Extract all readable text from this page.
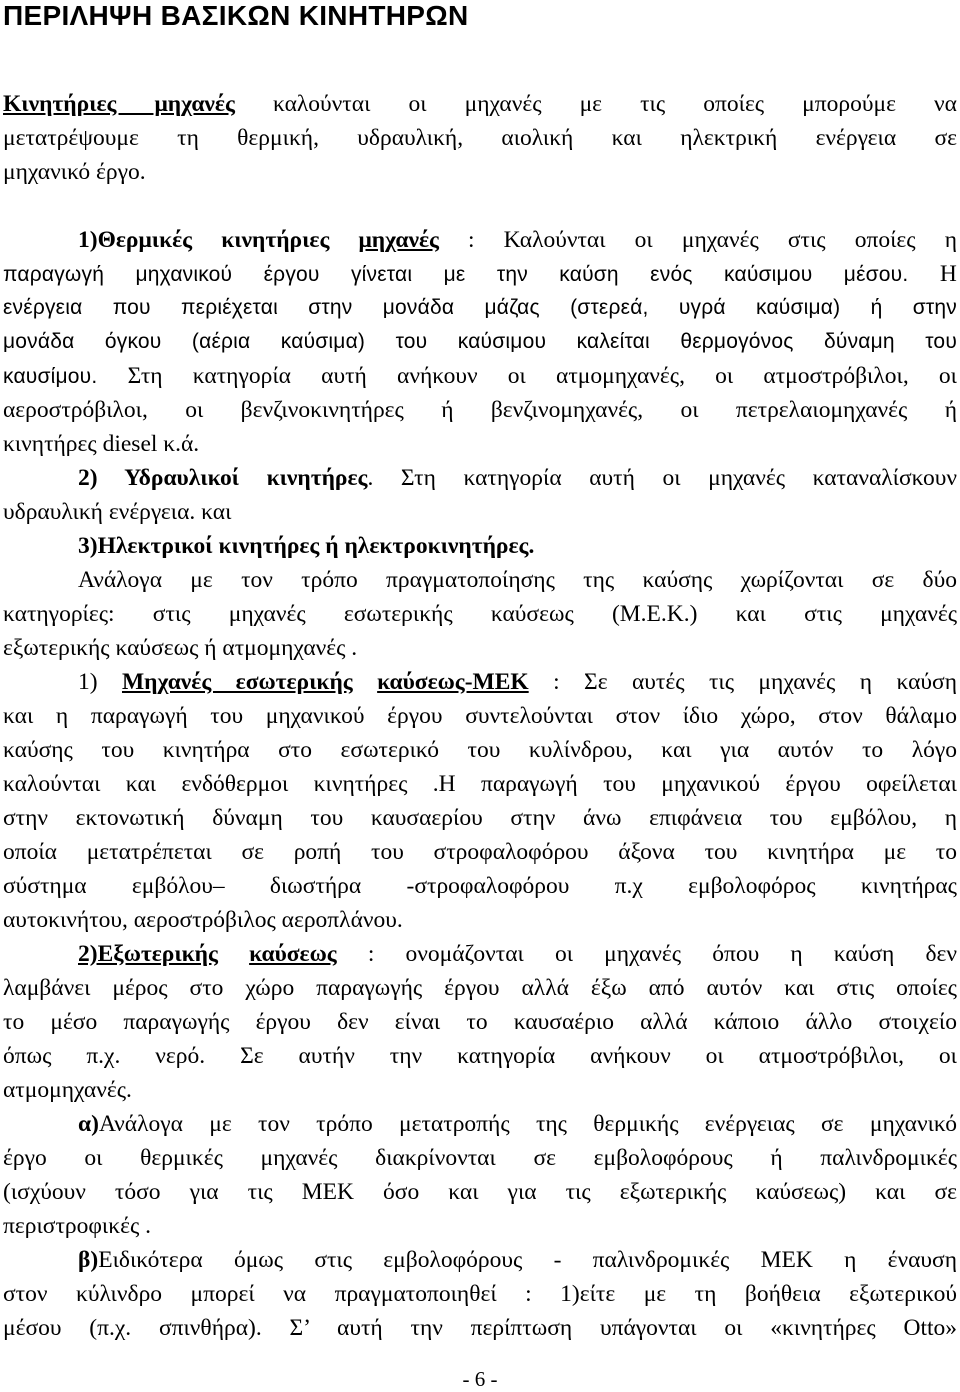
ΠΕΡΙΛΗΨΗ ΒΑΣΙΚΩΝ ΚΙΝΗΤΗΡΩΝ
Κινητήριες μηχανές καλούνται οι μηχανές με τις οποίες μπορούμε να
μετατρέψουμε τη θερμική, υδραυλική, αιολική και ηλεκτρική ενέργεια σε
μηχανικό έργο.
1)Θερμικές κινητήριες μηχανές : Καλούνται οι μηχανές στις οποίες η
παραγωγή μηχανικού έργου γίνεται με την καύση ενός καύσιμου μέσου. Η
ενέργεια που περιέχεται στην μονάδα μάζας (στερεά, υγρά καύσιμα) ή στην
μονάδα όγκου (αέρια καύσιμα) του καύσιμου καλείται θερμογόνος δύναμη του
καυσίμου. Στη κατηγορία αυτή ανήκουν οι ατμομηχανές, οι ατμοστρόβιλοι, οι
αεροστρόβιλοι, οι βενζινοκινητήρες ή βενζινομηχανές, οι πετρελαιομηχανές ή
κινητήρες diesel κ.ά.
2) Υδραυλικοί κινητήρες. Στη κατηγορία αυτή οι μηχανές καταναλίσκουν
υδραυλική ενέργεια. και
3)Ηλεκτρικοί κινητήρες ή ηλεκτροκινητήρες.
Ανάλογα με τον τρόπο πραγματοποίησης της καύσης χωρίζονται σε δύο
κατηγορίες: στις μηχανές εσωτερικής καύσεως (Μ.Ε.Κ.) και στις μηχανές
εξωτερικής καύσεως ή ατμομηχανές .
1) Μηχανές εσωτερικής καύσεως-ΜΕΚ : Σε αυτές τις μηχανές η καύση
και η παραγωγή του μηχανικού έργου συντελούνται στον ίδιο χώρο, στον θάλαμο
καύσης του κινητήρα στο εσωτερικό του κυλίνδρου, και για αυτόν το λόγο
καλούνται και ενδόθερμοι κινητήρες .Η παραγωγή του μηχανικού έργου οφείλεται
στην εκτονωτική δύναμη του καυσαερίου στην άνω επιφάνεια του εμβόλου, η
οποία μετατρέπεται σε ροπή του στροφαλοφόρου άξονα του κινητήρα με το
σύστημα εμβόλου– διωστήρα -στροφαλοφόρου π.χ εμβολοφόρος κινητήρας
αυτοκινήτου, αεροστρόβιλος αεροπλάνου.
2)Εξωτερικής καύσεως : ονομάζονται οι μηχανές όπου η καύση δεν
λαμβάνει μέρος στο χώρο παραγωγής έργου αλλά έξω από αυτόν και στις οποίες
το μέσο παραγωγής έργου δεν είναι το καυσαέριο αλλά κάποιο άλλο στοιχείο
όπως π.χ. νερό. Σε αυτήν την κατηγορία ανήκουν οι ατμοστρόβιλοι, οι
ατμομηχανές.
α)Ανάλογα με τον τρόπο μετατροπής της θερμικής ενέργειας σε μηχανικό
έργο οι θερμικές μηχανές διακρίνονται σε εμβολοφόρους ή παλινδρομικές
(ισχύουν τόσο για τις ΜΕΚ όσο και για τις εξωτερικής καύσεως) και σε
περιστροφικές .
β)Ειδικότερα όμως στις εμβολοφόρους - παλινδρομικές ΜΕΚ η έναυση
στον κύλινδρο μπορεί να πραγματοποιηθεί : 1)είτε με τη βοήθεια εξωτερικού
μέσου (π.χ. σπινθήρα). Σ’ αυτή την περίπτωση υπάγονται οι «κινητήρες Otto»
- 6 -
